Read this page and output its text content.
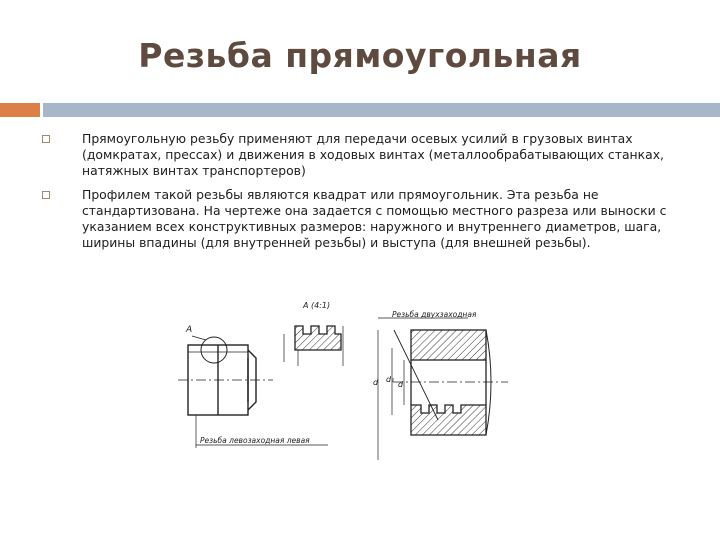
Резьба прямоугольная
Прямоугольную резьбу применяют для передачи осевых усилий в грузовых винтах (домкратах, прессах) и движения в ходовых винтах (металлообрабатывающих станках, натяжных винтах транспортеров)
Профилем такой резьбы являются квадрат или прямоугольник. Эта резьба не стандартизована. На чертеже она задается с помощью местного разреза или выноски с указанием всех конструктивных размеров: наружного и внутреннего диаметров, шага, ширины впадины (для внутренней резьбы) и выступа (для внешней резьбы).
А
Резьба левозаходная левая
А (4:1)
Резьба двухзаходная
d d₁
d
